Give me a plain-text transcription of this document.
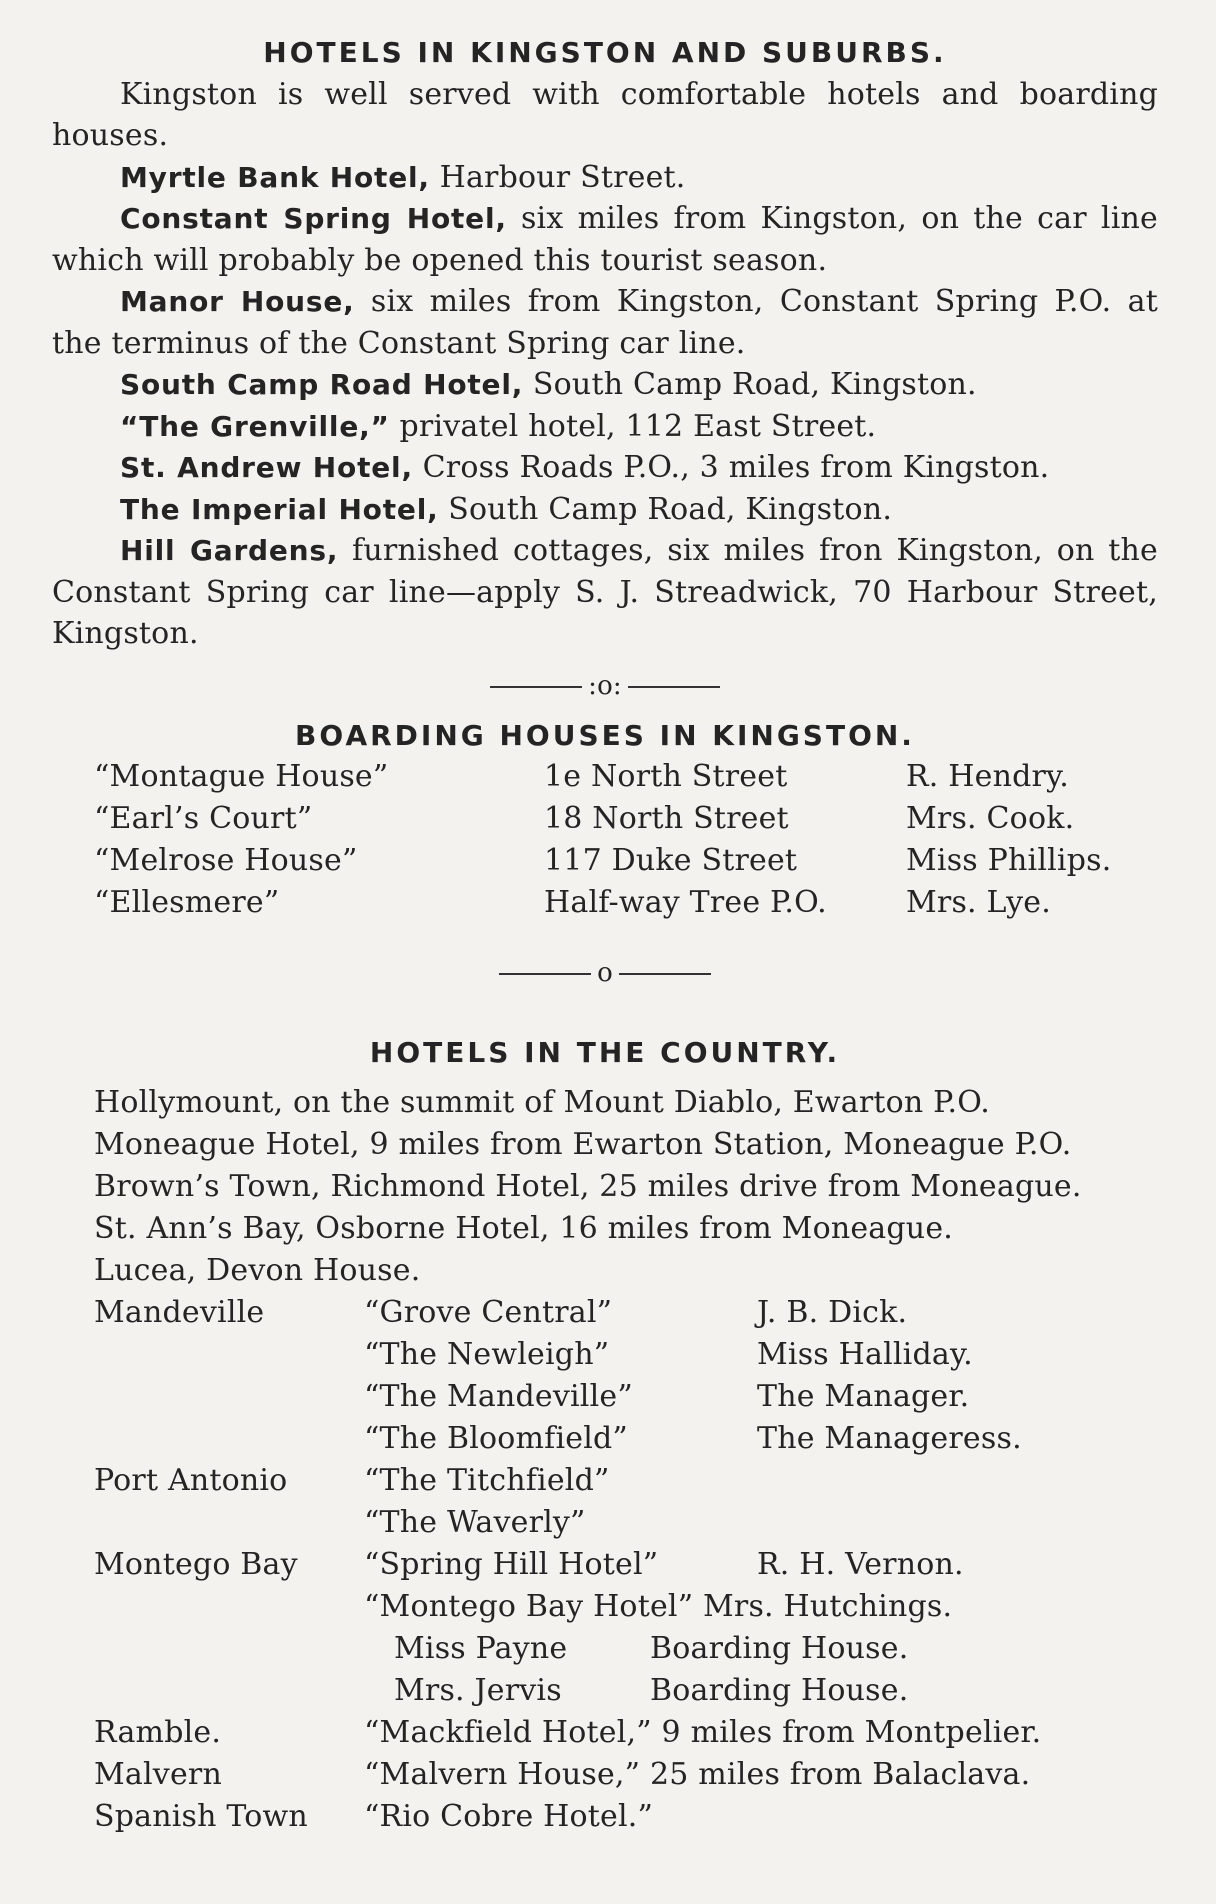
HOTELS IN KINGSTON AND SUBURBS.

Kingston is well served with comfortable hotels and boarding houses.

Myrtle Bank Hotel, Harbour Street.

Constant Spring Hotel, six miles from Kingston, on the car line which will probably be opened this tourist season.

Manor House, six miles from Kingston, Constant Spring P.O. at the terminus of the Constant Spring car line.

South Camp Road Hotel, South Camp Road, Kingston.

“The Grenville,” privatel hotel, 112 East Street.

St. Andrew Hotel, Cross Roads P.O., 3 miles from Kingston.

The Imperial Hotel, South Camp Road, Kingston.

Hill Gardens, furnished cottages, six miles fron Kingston, on the Constant Spring car line—apply S. J. Streadwick, 70 Harbour Street, Kingston.

:o:
BOARDING HOUSES IN KINGSTON.
“Montague House”	1e North Street	R. Hendry.
“Earl’s Court”	18 North Street	Mrs. Cook.
“Melrose House”	117 Duke Street	Miss Phillips.
“Ellesmere”	Half-way Tree P.O.	Mrs. Lye.
o
HOTELS IN THE COUNTRY.

Hollymount, on the summit of Mount Diablo, Ewarton P.O.

Moneague Hotel, 9 miles from Ewarton Station, Moneague P.O.

Brown’s Town, Richmond Hotel, 25 miles drive from Moneague.

St. Ann’s Bay, Osborne Hotel, 16 miles from Moneague.

Lucea, Devon House.

Mandeville	“Grove Central”	J. B. Dick.
	“The Newleigh”	Miss Halliday.
	“The Mandeville”	The Manager.
	“The Bloomfield”	The Manageress.
Port Antonio	“The Titchfield”	
	“The Waverly”	
Montego Bay	“Spring Hill Hotel”	R. H. Vernon.
	“Montego Bay Hotel” Mrs. Hutchings.	
	Miss Payne Boarding House.	
	Mrs. Jervis Boarding House.	
Ramble.	“Mackfield Hotel,” 9 miles from Montpelier.	
Malvern	“Malvern House,” 25 miles from Balaclava.	
Spanish Town	“Rio Cobre Hotel.”	
